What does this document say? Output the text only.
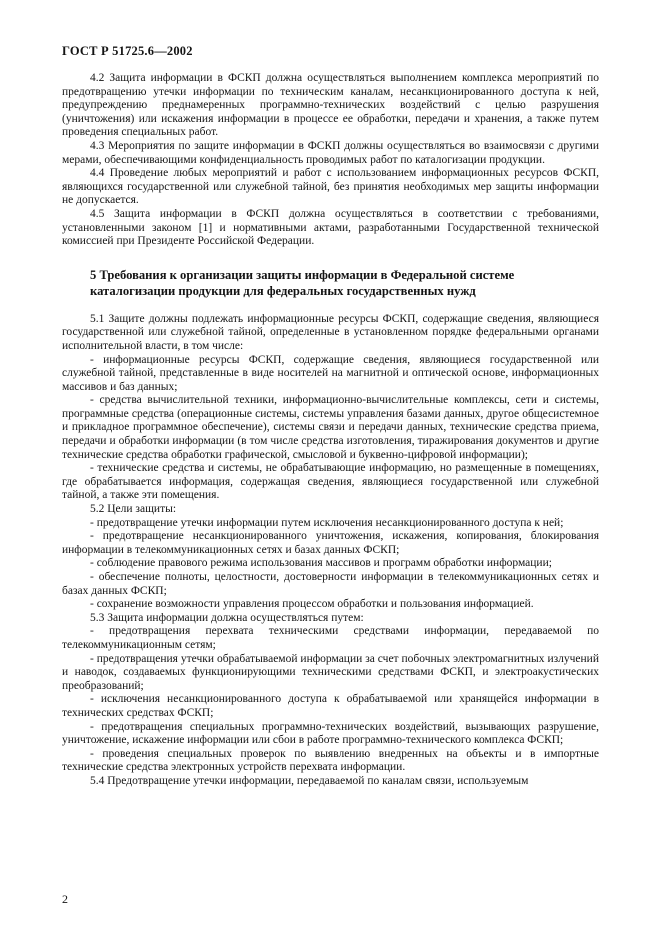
ГОСТ Р 51725.6—2002

4.2 Защита информации в ФСКП должна осуществляться выполнением комплекса мероприятий по предотвращению утечки информации по техническим каналам, несанкционированного доступа к ней, предупреждению преднамеренных программно-технических воздействий с целью разрушения (уничтожения) или искажения информации в процессе ее обработки, передачи и хранения, а также путем проведения специальных работ.

4.3 Мероприятия по защите информации в ФСКП должны осуществляться во взаимосвязи с другими мерами, обеспечивающими конфиденциальность проводимых работ по каталогизации продукции.

4.4 Проведение любых мероприятий и работ с использованием информационных ресурсов ФСКП, являющихся государственной или служебной тайной, без принятия необходимых мер защиты информации не допускается.

4.5 Защита информации в ФСКП должна осуществляться в соответствии с требованиями, установленными законом [1] и нормативными актами, разработанными Государственной технической комиссией при Президенте Российской Федерации.

5 Требования к организации защиты информации в Федеральной системе каталогизации продукции для федеральных государственных нужд

5.1 Защите должны подлежать информационные ресурсы ФСКП, содержащие сведения, являющиеся государственной или служебной тайной, определенные в установленном порядке федеральными органами исполнительной власти, в том числе:

- информационные ресурсы ФСКП, содержащие сведения, являющиеся государственной или служебной тайной, представленные в виде носителей на магнитной и оптической основе, информационных массивов и баз данных;

- средства вычислительной техники, информационно-вычислительные комплексы, сети и системы, программные средства (операционные системы, системы управления базами данных, другое общесистемное и прикладное программное обеспечение), системы связи и передачи данных, технические средства приема, передачи и обработки информации (в том числе средства изготовления, тиражирования документов и другие технические средства обработки графической, смысловой и буквенно-цифровой информации);

- технические средства и системы, не обрабатывающие информацию, но размещенные в помещениях, где обрабатывается информация, содержащая сведения, являющиеся государственной или служебной тайной, а также эти помещения.

5.2 Цели защиты:

- предотвращение утечки информации путем исключения несанкционированного доступа к ней;

- предотвращение несанкционированного уничтожения, искажения, копирования, блокирования информации в телекоммуникационных сетях и базах данных ФСКП;

- соблюдение правового режима использования массивов и программ обработки информации;

- обеспечение полноты, целостности, достоверности информации в телекоммуникационных сетях и базах данных ФСКП;

- сохранение возможности управления процессом обработки и пользования информацией.

5.3 Защита информации должна осуществляться путем:

- предотвращения перехвата техническими средствами информации, передаваемой по телекоммуникационным сетям;

- предотвращения утечки обрабатываемой информации за счет побочных электромагнитных излучений и наводок, создаваемых функционирующими техническими средствами ФСКП, и электроакустических преобразований;

- исключения несанкционированного доступа к обрабатываемой или хранящейся информации в технических средствах ФСКП;

- предотвращения специальных программно-технических воздействий, вызывающих разрушение, уничтожение, искажение информации или сбои в работе программно-технического комплекса ФСКП;

- проведения специальных проверок по выявлению внедренных на объекты и в импортные технические средства электронных устройств перехвата информации.

5.4 Предотвращение утечки информации, передаваемой по каналам связи, используемым

2
